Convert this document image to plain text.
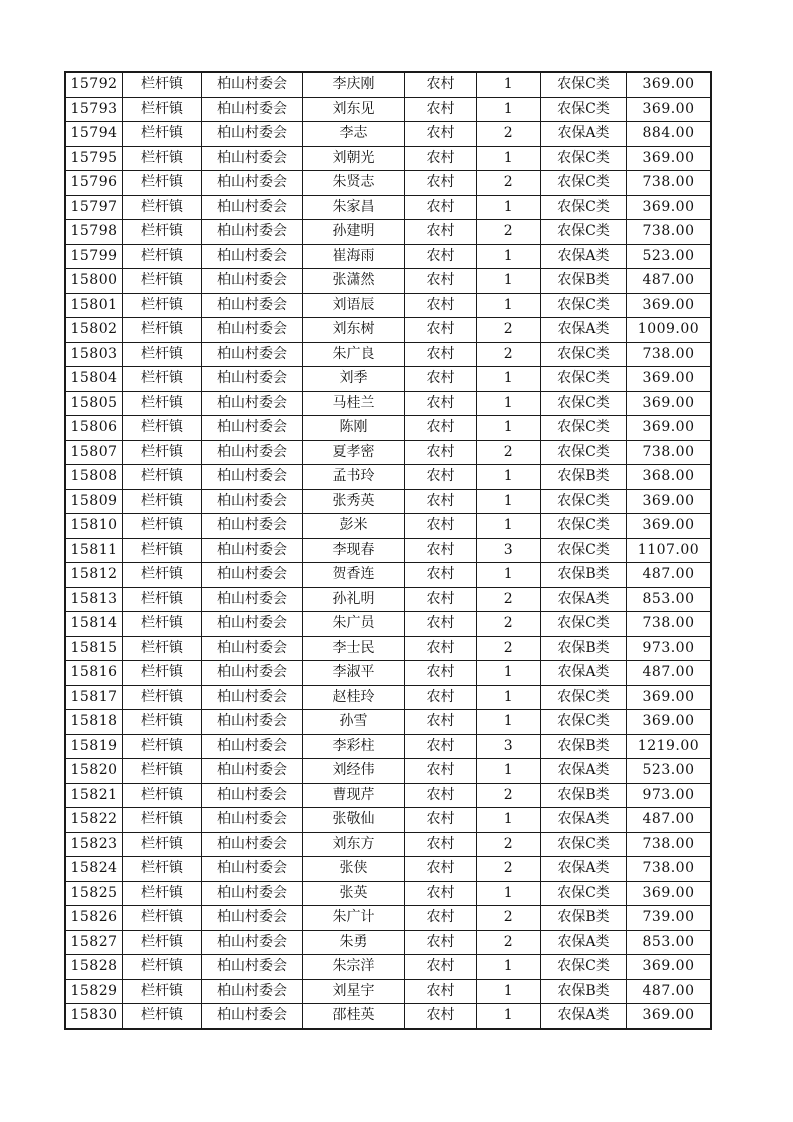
15792	栏杆镇	柏山村委会	李庆刚	农村	1	农保C类	369.00
15793	栏杆镇	柏山村委会	刘东见	农村	1	农保C类	369.00
15794	栏杆镇	柏山村委会	李志	农村	2	农保A类	884.00
15795	栏杆镇	柏山村委会	刘朝光	农村	1	农保C类	369.00
15796	栏杆镇	柏山村委会	朱贤志	农村	2	农保C类	738.00
15797	栏杆镇	柏山村委会	朱家昌	农村	1	农保C类	369.00
15798	栏杆镇	柏山村委会	孙建明	农村	2	农保C类	738.00
15799	栏杆镇	柏山村委会	崔海雨	农村	1	农保A类	523.00
15800	栏杆镇	柏山村委会	张潇然	农村	1	农保B类	487.00
15801	栏杆镇	柏山村委会	刘语辰	农村	1	农保C类	369.00
15802	栏杆镇	柏山村委会	刘东树	农村	2	农保A类	1009.00
15803	栏杆镇	柏山村委会	朱广良	农村	2	农保C类	738.00
15804	栏杆镇	柏山村委会	刘季	农村	1	农保C类	369.00
15805	栏杆镇	柏山村委会	马桂兰	农村	1	农保C类	369.00
15806	栏杆镇	柏山村委会	陈刚	农村	1	农保C类	369.00
15807	栏杆镇	柏山村委会	夏孝密	农村	2	农保C类	738.00
15808	栏杆镇	柏山村委会	孟书玲	农村	1	农保B类	368.00
15809	栏杆镇	柏山村委会	张秀英	农村	1	农保C类	369.00
15810	栏杆镇	柏山村委会	彭米	农村	1	农保C类	369.00
15811	栏杆镇	柏山村委会	李现春	农村	3	农保C类	1107.00
15812	栏杆镇	柏山村委会	贺香连	农村	1	农保B类	487.00
15813	栏杆镇	柏山村委会	孙礼明	农村	2	农保A类	853.00
15814	栏杆镇	柏山村委会	朱广员	农村	2	农保C类	738.00
15815	栏杆镇	柏山村委会	李士民	农村	2	农保B类	973.00
15816	栏杆镇	柏山村委会	李淑平	农村	1	农保A类	487.00
15817	栏杆镇	柏山村委会	赵桂玲	农村	1	农保C类	369.00
15818	栏杆镇	柏山村委会	孙雪	农村	1	农保C类	369.00
15819	栏杆镇	柏山村委会	李彩柱	农村	3	农保B类	1219.00
15820	栏杆镇	柏山村委会	刘经伟	农村	1	农保A类	523.00
15821	栏杆镇	柏山村委会	曹现芹	农村	2	农保B类	973.00
15822	栏杆镇	柏山村委会	张敬仙	农村	1	农保A类	487.00
15823	栏杆镇	柏山村委会	刘东方	农村	2	农保C类	738.00
15824	栏杆镇	柏山村委会	张侠	农村	2	农保A类	738.00
15825	栏杆镇	柏山村委会	张英	农村	1	农保C类	369.00
15826	栏杆镇	柏山村委会	朱广计	农村	2	农保B类	739.00
15827	栏杆镇	柏山村委会	朱勇	农村	2	农保A类	853.00
15828	栏杆镇	柏山村委会	朱宗洋	农村	1	农保C类	369.00
15829	栏杆镇	柏山村委会	刘星宇	农村	1	农保B类	487.00
15830	栏杆镇	柏山村委会	邵桂英	农村	1	农保A类	369.00
